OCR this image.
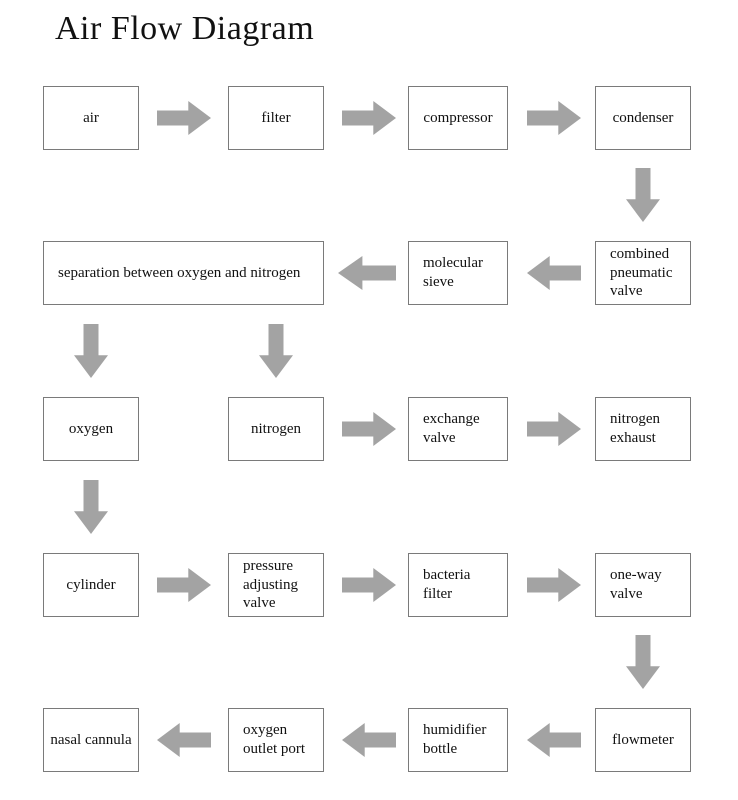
Air Flow Diagram
air	filter	compressor	condenser
combined pneumatic valve
molecular sieve
separation between oxygen and nitrogen
oxygen	nitrogen
exchange valve
nitrogen exhaust
cylinder
pressure adjusting valve
bacteria filter
one-way valve
flowmeter
humidifier bottle
oxygen outlet port
nasal cannula
